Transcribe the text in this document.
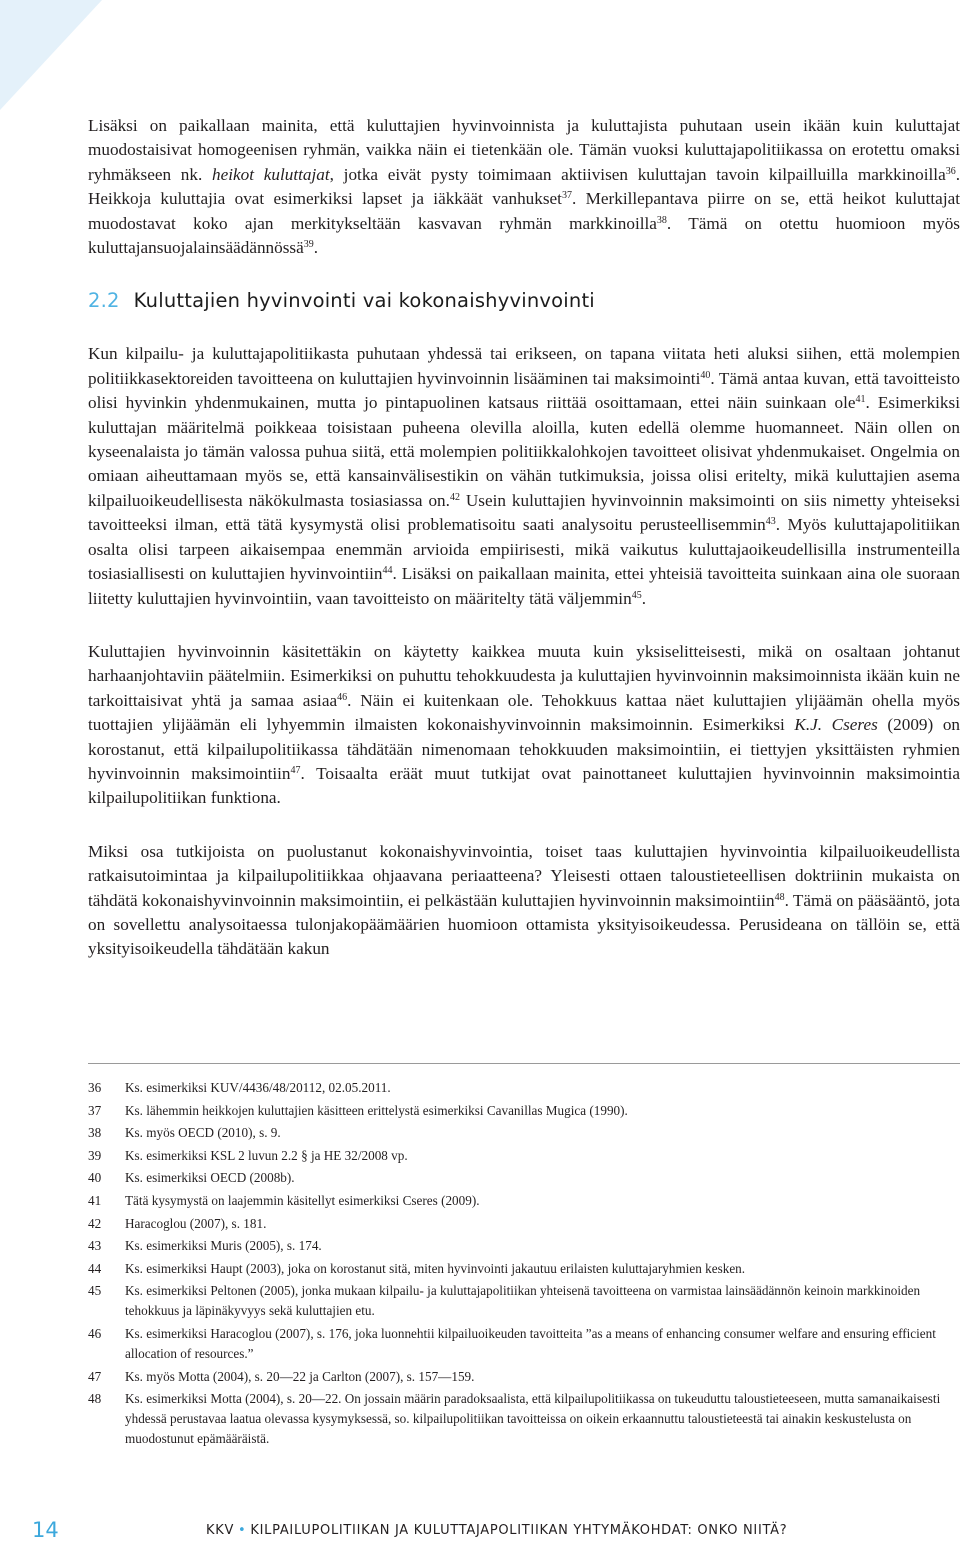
Lisäksi on paikallaan mainita, että kuluttajien hyvinvoinnista ja kuluttajista puhutaan usein ikään kuin kuluttajat muodostaisivat homogeenisen ryhmän, vaikka näin ei tietenkään ole. Tämän vuoksi kuluttajapolitiikassa on erotettu omaksi ryhmäkseen nk. heikot kuluttajat, jotka eivät pysty toimimaan aktiivisen kuluttajan tavoin kilpailluilla markkinoilla$^{36}$. Heikkoja kuluttajia ovat esimerkiksi lapset ja iäkkäät vanhukset$^{37}$. Merkillepantava piirre on se, että heikot kuluttajat muodostavat koko ajan merkitykseltään kasvavan ryhmän markkinoilla$^{38}$. Tämä on otettu huomioon myös kuluttajansuojalainsäädännössä$^{39}$.

2.2 Kuluttajien hyvinvointi vai kokonaishyvinvointi

Kun kilpailu- ja kuluttajapolitiikasta puhutaan yhdessä tai erikseen, on tapana viitata heti aluksi siihen, että molempien politiikkasektoreiden tavoitteena on kuluttajien hyvinvoinnin lisääminen tai maksimointi$^{40}$. Tämä antaa kuvan, että tavoitteisto olisi hyvinkin yhdenmukainen, mutta jo pintapuolinen katsaus riittää osoittamaan, ettei näin suinkaan ole$^{41}$. Esimerkiksi kuluttajan määritelmä poikkeaa toisistaan puheena olevilla aloilla, kuten edellä olemme huomanneet. Näin ollen on kyseenalaista jo tämän valossa puhua siitä, että molempien politiikkalohkojen tavoitteet olisivat yhdenmukaiset. Ongelmia on omiaan aiheuttamaan myös se, että kansainvälisestikin on vähän tutkimuksia, joissa olisi eritelty, mikä kuluttajien asema kilpailuoikeudellisesta näkökulmasta tosiasiassa on.$^{42}$ Usein kuluttajien hyvinvoinnin maksimointi on siis nimetty yhteiseksi tavoitteeksi ilman, että tätä kysymystä olisi problematisoitu saati analysoitu perusteellisemmin$^{43}$. Myös kuluttajapolitiikan osalta olisi tarpeen aikaisempaa enemmän arvioida empiirisesti, mikä vaikutus kuluttajaoikeudellisilla instrumenteilla tosiasiallisesti on kuluttajien hyvinvointiin$^{44}$. Lisäksi on paikallaan mainita, ettei yhteisiä tavoitteita suinkaan aina ole suoraan liitetty kuluttajien hyvinvointiin, vaan tavoitteisto on määritelty tätä väljemmin$^{45}$.

Kuluttajien hyvinvoinnin käsitettäkin on käytetty kaikkea muuta kuin yksiselitteisesti, mikä on osaltaan johtanut harhaanjohtaviin päätelmiin. Esimerkiksi on puhuttu tehokkuudesta ja kuluttajien hyvinvoinnin maksimoinnista ikään kuin ne tarkoittaisivat yhtä ja samaa asiaa$^{46}$. Näin ei kuitenkaan ole. Tehokkuus kattaa näet kuluttajien ylijäämän ohella myös tuottajien ylijäämän eli lyhyemmin ilmaisten kokonaishyvinvoinnin maksimoinnin. Esimerkiksi K.J. Cseres (2009) on korostanut, että kilpailupolitiikassa tähdätään nimenomaan tehokkuuden maksimointiin, ei tiettyjen yksittäisten ryhmien hyvinvoinnin maksimointiin$^{47}$. Toisaalta eräät muut tutkijat ovat painottaneet kuluttajien hyvinvoinnin maksimointia kilpailupolitiikan funktiona.

Miksi osa tutkijoista on puolustanut kokonaishyvinvointia, toiset taas kuluttajien hyvinvointia kilpailuoikeudellista ratkaisutoimintaa ja kilpailupolitiikkaa ohjaavana periaatteena? Yleisesti ottaen taloustieteellisen doktriinin mukaista on tähdätä kokonaishyvinvoinnin maksimointiin, ei pelkästään kuluttajien hyvinvoinnin maksimointiin$^{48}$. Tämä on pääsääntö, jota on sovellettu analysoitaessa tulonjakopäämäärien huomioon ottamista yksityisoikeudessa. Perusideana on tällöin se, että yksityisoikeudella tähdätään kakun

36	Ks. esimerkiksi KUV/4436/48/20112, 02.05.2011.
37	Ks. lähemmin heikkojen kuluttajien käsitteen erittelystä esimerkiksi Cavanillas Mugica (1990).
38	Ks. myös OECD (2010), s. 9.
39	Ks. esimerkiksi KSL 2 luvun 2.2 § ja HE 32/2008 vp.
40	Ks. esimerkiksi OECD (2008b).
41	Tätä kysymystä on laajemmin käsitellyt esimerkiksi Cseres (2009).
42	Haracoglou (2007), s. 181.
43	Ks. esimerkiksi Muris (2005), s. 174.
44	Ks. esimerkiksi Haupt (2003), joka on korostanut sitä, miten hyvinvointi jakautuu erilaisten kuluttajaryhmien kesken.
45	Ks. esimerkiksi Peltonen (2005), jonka mukaan kilpailu- ja kuluttajapolitiikan yhteisenä tavoitteena on varmistaa lainsäädännön keinoin markkinoiden tehokkuus ja läpinäkyvyys sekä kuluttajien etu.
46	Ks. esimerkiksi Haracoglou (2007), s. 176, joka luonnehtii kilpailuoikeuden tavoitteita ”as a means of enhancing consumer welfare and ensuring efficient allocation of resources.”
47	Ks. myös Motta (2004), s. 20—22 ja Carlton (2007), s. 157—159.
48	Ks. esimerkiksi Motta (2004), s. 20—22. On jossain määrin paradoksaalista, että kilpailupolitiikassa on tukeuduttu taloustieteeseen, mutta samanaikaisesti yhdessä perustavaa laatua olevassa kysymyksessä, so. kilpailupolitiikan tavoitteissa on oikein erkaannuttu taloustieteestä tai ainakin keskustelusta on muodostunut epämääräistä.
14	KKV • KILPAILUPOLITIIKAN JA KULUTTAJAPOLITIIKAN YHTYMÄKOHDAT: ONKO NIITÄ?
